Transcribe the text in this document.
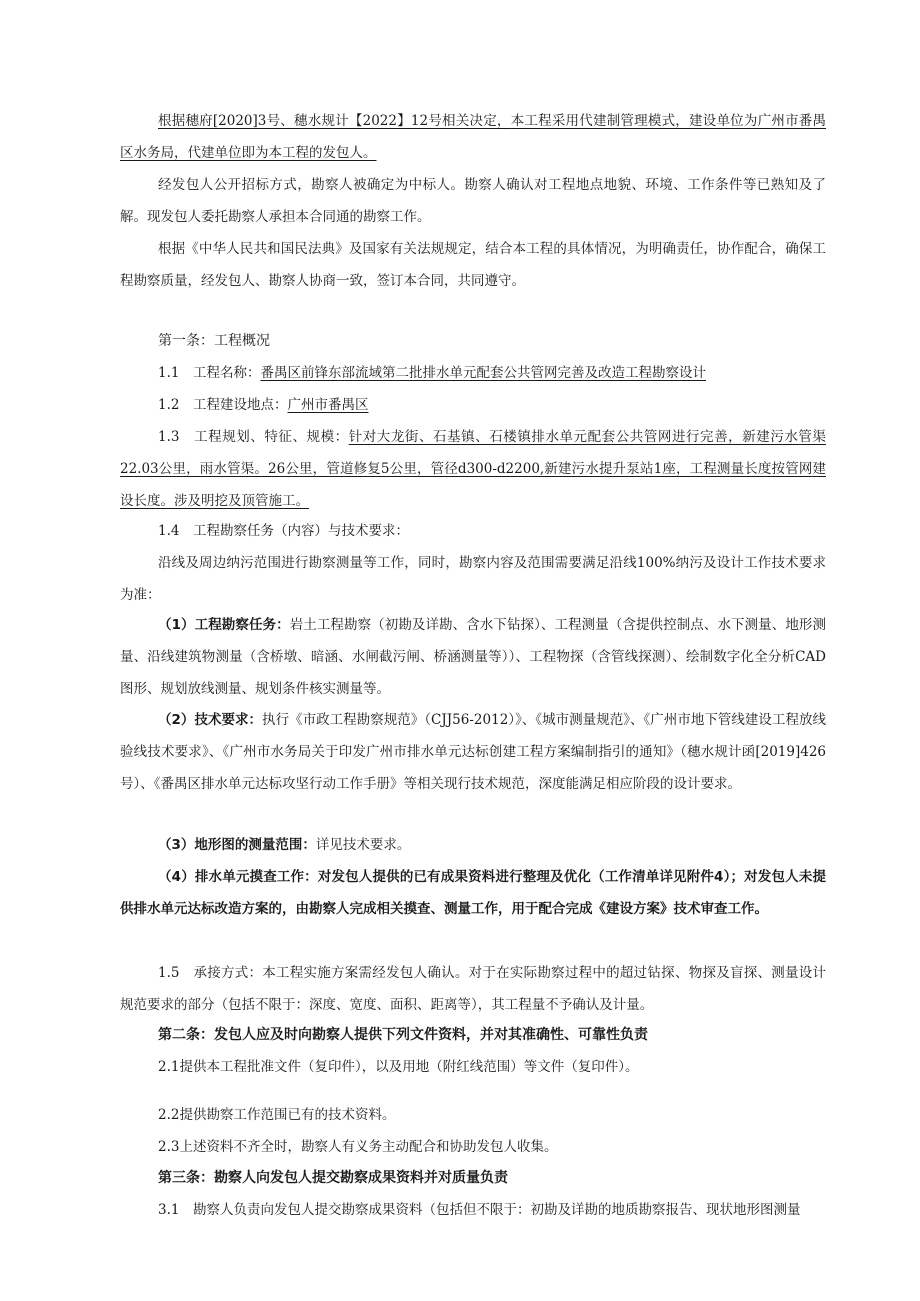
根据穗府[2020]3号、穗水规计【2022】12号相关决定，本工程采用代建制管理模式，建设单位为广州市番禺区水务局，代建单位即为本工程的发包人。

经发包人公开招标方式，勘察人被确定为中标人。勘察人确认对工程地点地貌、环境、工作条件等已熟知及了解。现发包人委托勘察人承担本合同通的勘察工作。

根据《中华人民共和国民法典》及国家有关法规规定，结合本工程的具体情况，为明确责任，协作配合，确保工程勘察质量，经发包人、勘察人协商一致，签订本合同，共同遵守。

第一条：工程概况

1.1　工程名称：番禺区前锋东部流域第二批排水单元配套公共管网完善及改造工程勘察设计

1.2　工程建设地点：广州市番禺区

1.3　工程规划、特征、规模：针对大龙街、石基镇、石楼镇排水单元配套公共管网进行完善，新建污水管渠22.03公里，雨水管渠。26公里，管道修复5公里，管径d300-d2200,新建污水提升泵站1座，工程测量长度按管网建设长度。涉及明挖及顶管施工。

1.4　工程勘察任务（内容）与技术要求：

沿线及周边纳污范围进行勘察测量等工作，同时，勘察内容及范围需要满足沿线100%纳污及设计工作技术要求为准：

（1）工程勘察任务：岩土工程勘察（初勘及详勘、含水下钻探）、工程测量（含提供控制点、水下测量、地形测量、沿线建筑物测量（含桥墩、暗涵、水闸截污闸、桥涵测量等））、工程物探（含管线探测）、绘制数字化全分析CAD图形、规划放线测量、规划条件核实测量等。

（2）技术要求：执行《市政工程勘察规范》（CJJ56-2012）》、《城市测量规范》、《广州市地下管线建设工程放线验线技术要求》、《广州市水务局关于印发广州市排水单元达标创建工程方案编制指引的通知》（穗水规计函[2019]426号）、《番禺区排水单元达标攻坚行动工作手册》等相关现行技术规范，深度能满足相应阶段的设计要求。

（3）地形图的测量范围：详见技术要求。

（4）排水单元摸查工作：对发包人提供的已有成果资料进行整理及优化（工作清单详见附件4）；对发包人未提供排水单元达标改造方案的，由勘察人完成相关摸查、测量工作，用于配合完成《建设方案》技术审查工作。

1.5　承接方式：本工程实施方案需经发包人确认。对于在实际勘察过程中的超过钻探、物探及盲探、测量设计规范要求的部分（包括不限于：深度、宽度、面积、距离等），其工程量不予确认及计量。

第二条：发包人应及时向勘察人提供下列文件资料，并对其准确性、可靠性负责

2.1提供本工程批准文件（复印件），以及用地（附红线范围）等文件（复印件）。

2.2提供勘察工作范围已有的技术资料。

2.3上述资料不齐全时，勘察人有义务主动配合和协助发包人收集。

第三条：勘察人向发包人提交勘察成果资料并对质量负责

3.1　勘察人负责向发包人提交勘察成果资料（包括但不限于：初勘及详勘的地质勘察报告、现状地形图测量
